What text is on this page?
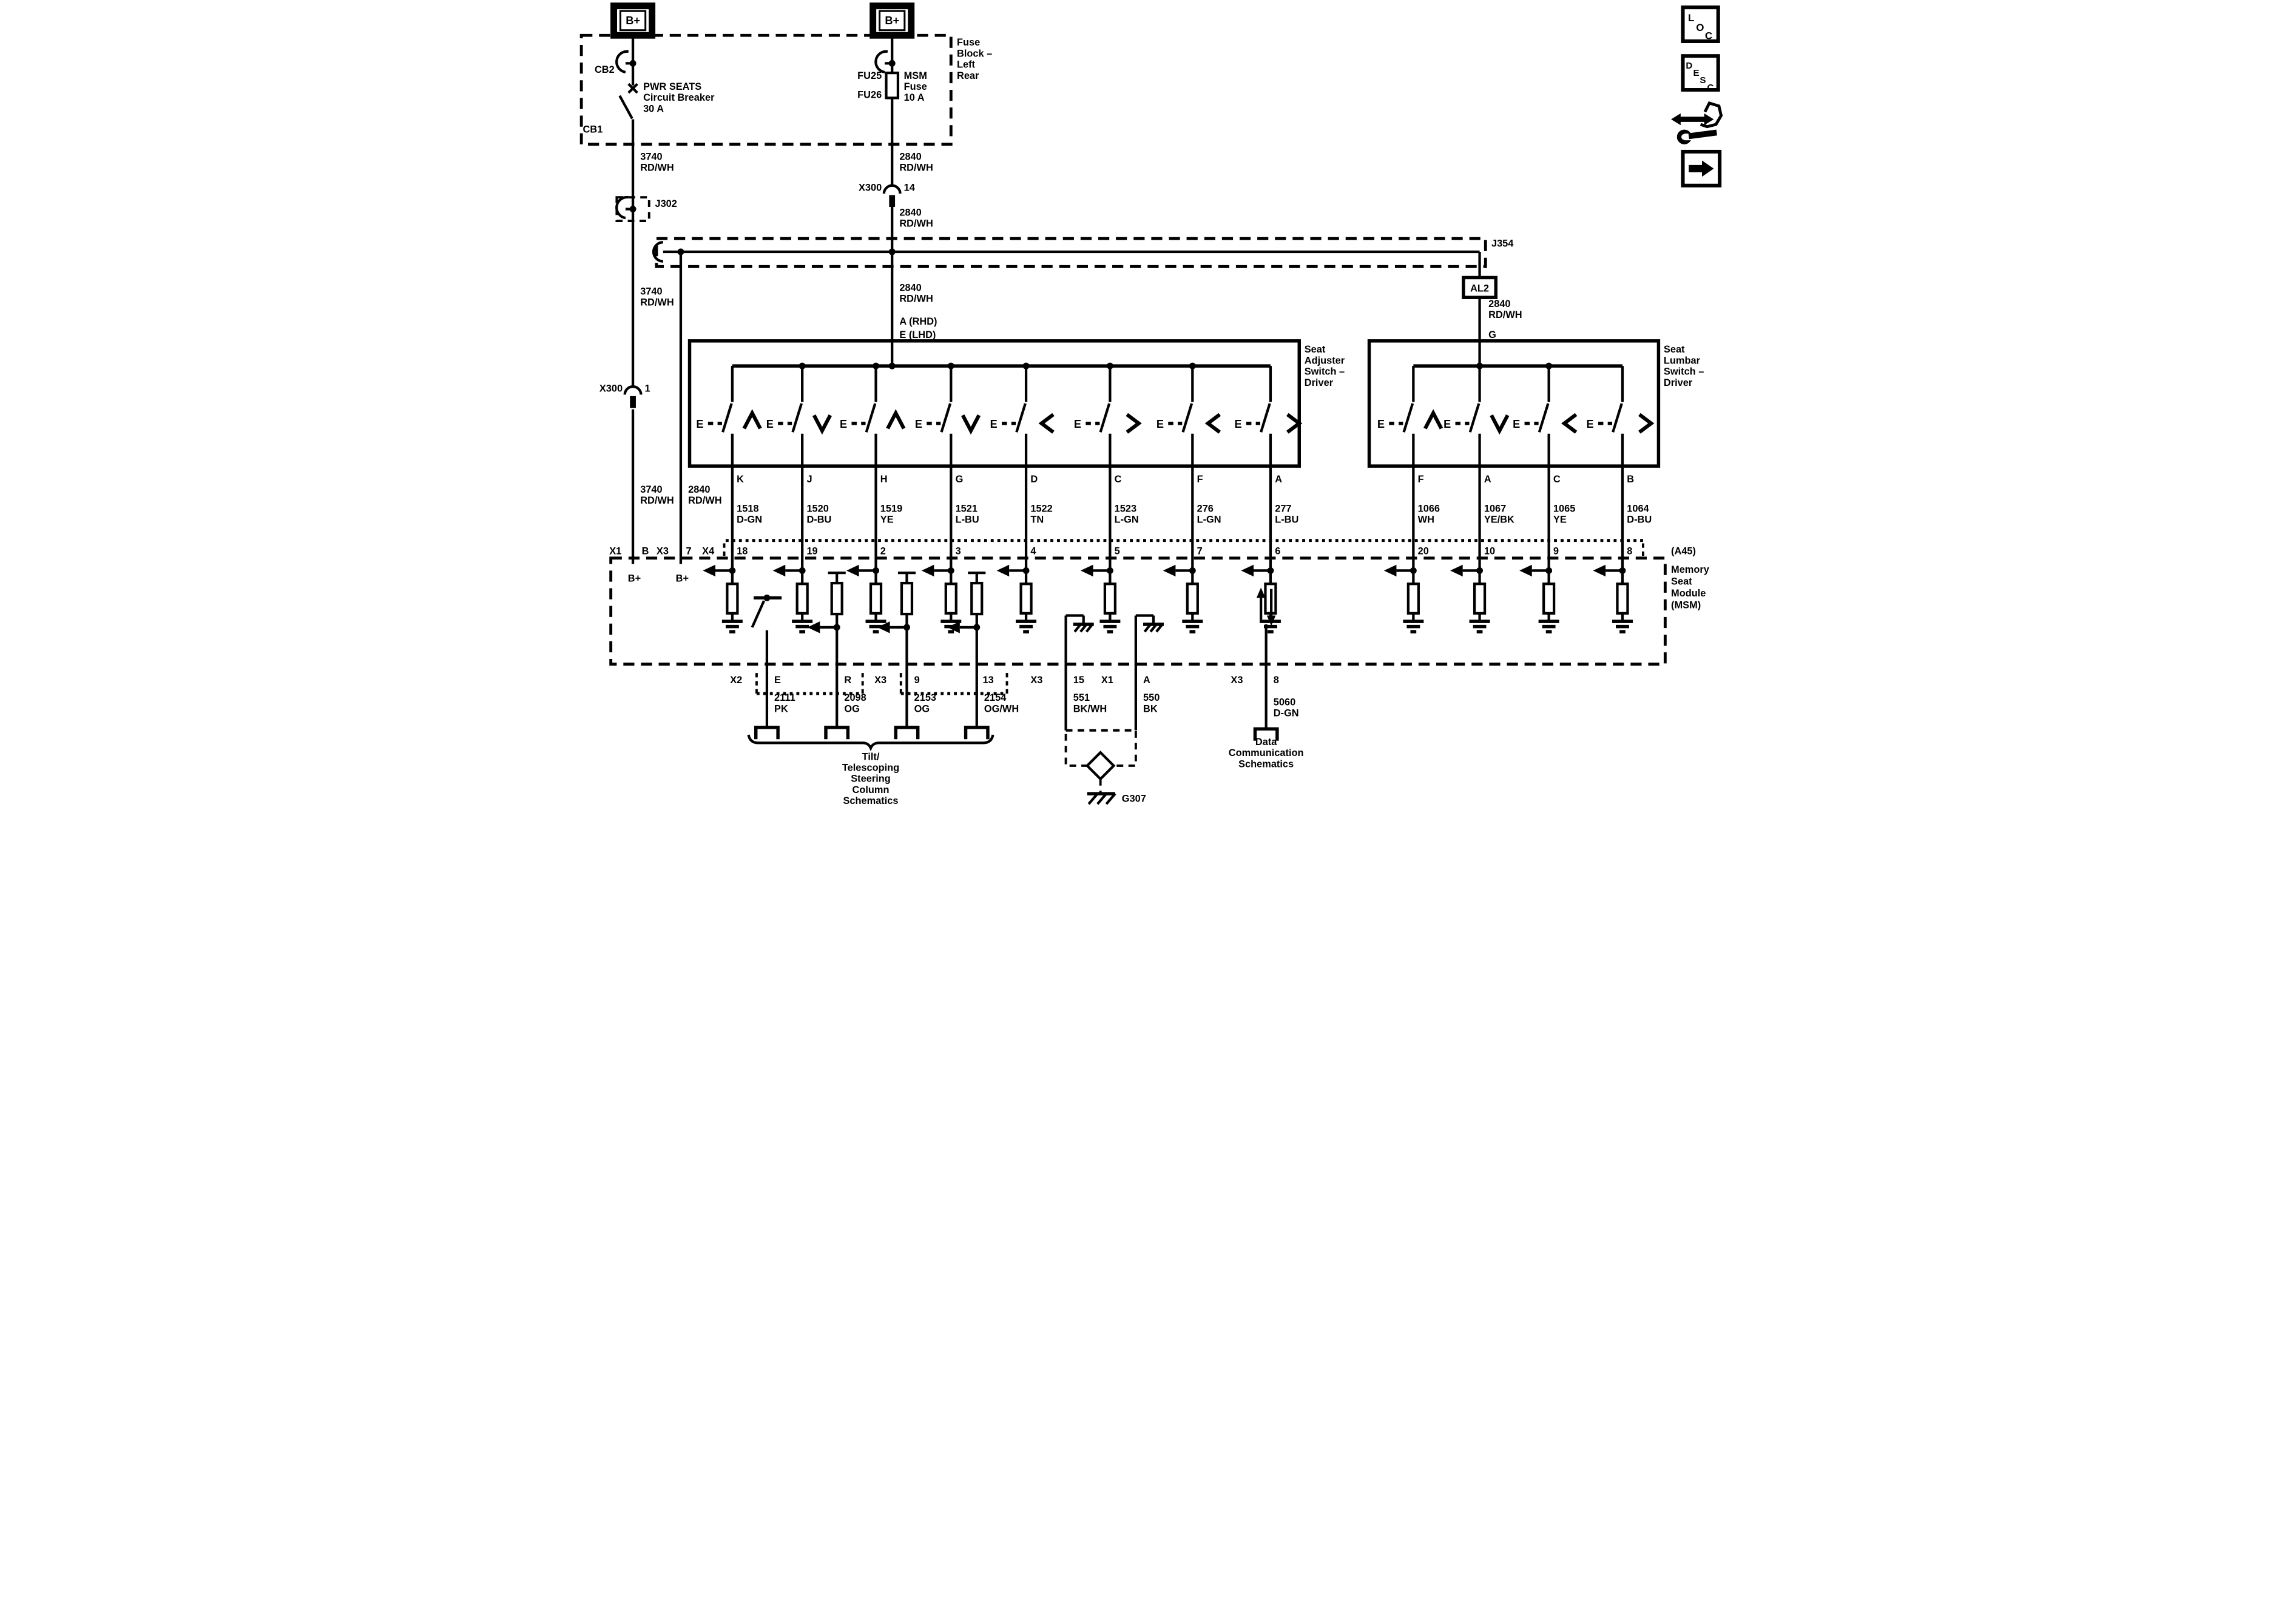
B+	B+
Fuse
Block –
Left
Rear
CB2
PWR SEATS
Circuit Breaker
30 A
CB1
3740
RD/WH
J302
3740
RD/WH
X300	1
3740
RD/WH
FU25
FU26
MSM
Fuse
10 A
2840
RD/WH
X300	14
2840
RD/WH
2840
RD/WH
A (RHD)
E (LHD)
J354
2840
RD/WH
AL2
2840
RD/WH
G
Seat
Adjuster
Switch –
Driver
Seat
Lumbar
Switch –
Driver
E
K
1518
D-GN
18
E
J
1520
D-BU
19
E
H
1519
YE
2
E
G
1521
L-BU
3
E
D
1522
TN
4
E
C
1523
L-GN
5
E
F
276
L-GN
7
E
A
277
L-BU
6
E
F
1066
WH
20
E
A
1067
YE/BK
10
E
C
1065
YE
9
E
B
1064
D-BU
8
X1 B X3 7 X4	(A45)
Memory
Seat
Module
(MSM)
B+	B+
2111
PK
2098
OG
2153
OG
2154
OG/WH
X2	E	R	X3	9	13
Tilt/
Telescoping
Steering
Column
Schematics
X3	15
551
BK/WH
X1	A
550
BK
G307
X3	8
5060
D-GN
Data
Communication
Schematics
L
O
C
D
E
S
C
